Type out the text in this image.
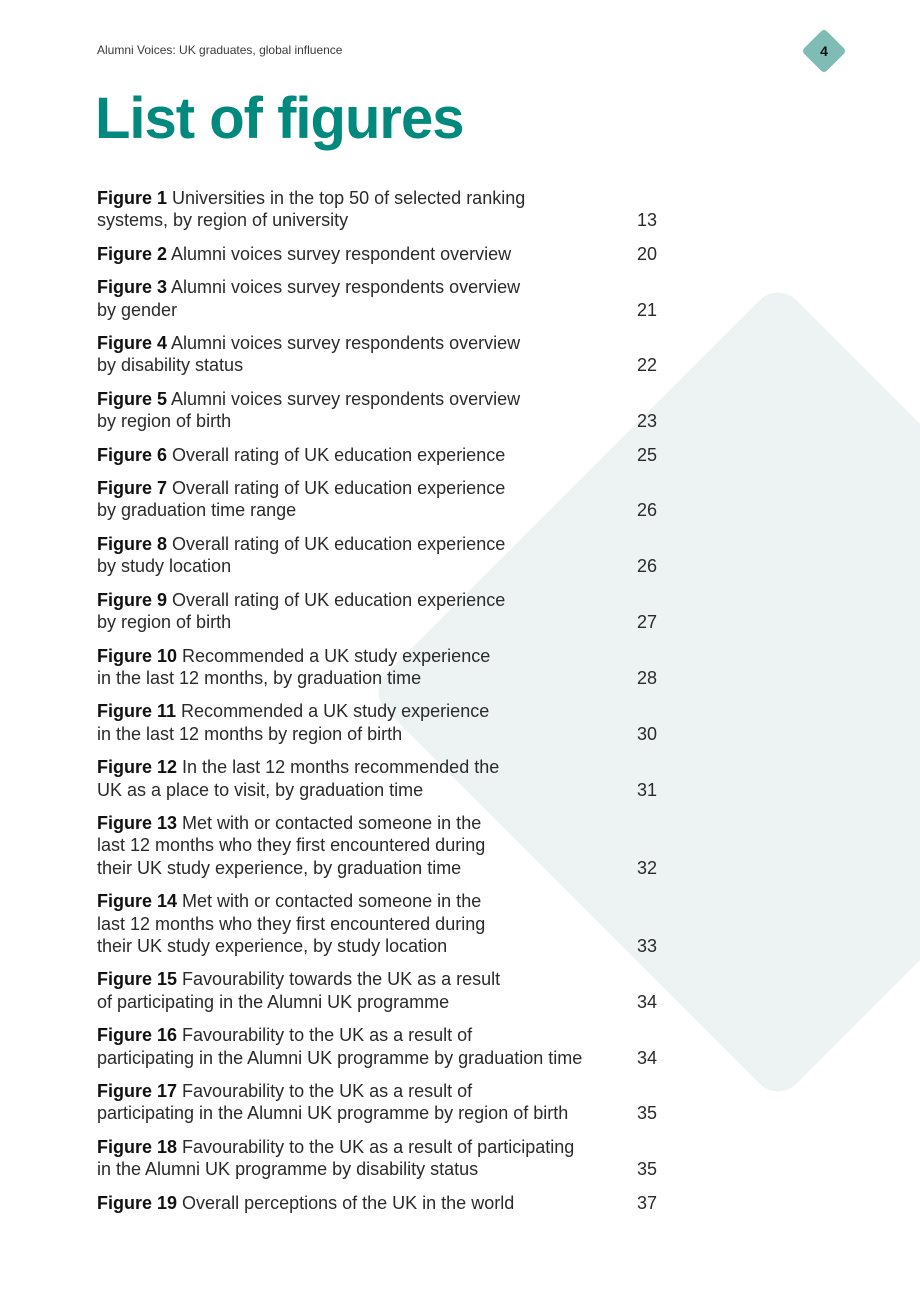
Alumni Voices: UK graduates, global influence	4
List of figures
Figure 1 Universities in the top 50 of selected ranking
systems, by region of university	13
Figure 2 Alumni voices survey respondent overview	20
Figure 3 Alumni voices survey respondents overview
by gender	21
Figure 4 Alumni voices survey respondents overview
by disability status	22
Figure 5 Alumni voices survey respondents overview
by region of birth	23
Figure 6 Overall rating of UK education experience	25
Figure 7 Overall rating of UK education experience
by graduation time range	26
Figure 8 Overall rating of UK education experience
by study location	26
Figure 9 Overall rating of UK education experience
by region of birth	27
Figure 10 Recommended a UK study experience
in the last 12 months, by graduation time	28
Figure 11 Recommended a UK study experience
in the last 12 months by region of birth	30
Figure 12 In the last 12 months recommended the
UK as a place to visit, by graduation time	31
Figure 13 Met with or contacted someone in the
last 12 months who they first encountered during
their UK study experience, by graduation time	32
Figure 14 Met with or contacted someone in the
last 12 months who they first encountered during
their UK study experience, by study location	33
Figure 15 Favourability towards the UK as a result
of participating in the Alumni UK programme	34
Figure 16 Favourability to the UK as a result of
participating in the Alumni UK programme by graduation time	34
Figure 17 Favourability to the UK as a result of
participating in the Alumni UK programme by region of birth	35
Figure 18 Favourability to the UK as a result of participating
in the Alumni UK programme by disability status	35
Figure 19 Overall perceptions of the UK in the world	37
